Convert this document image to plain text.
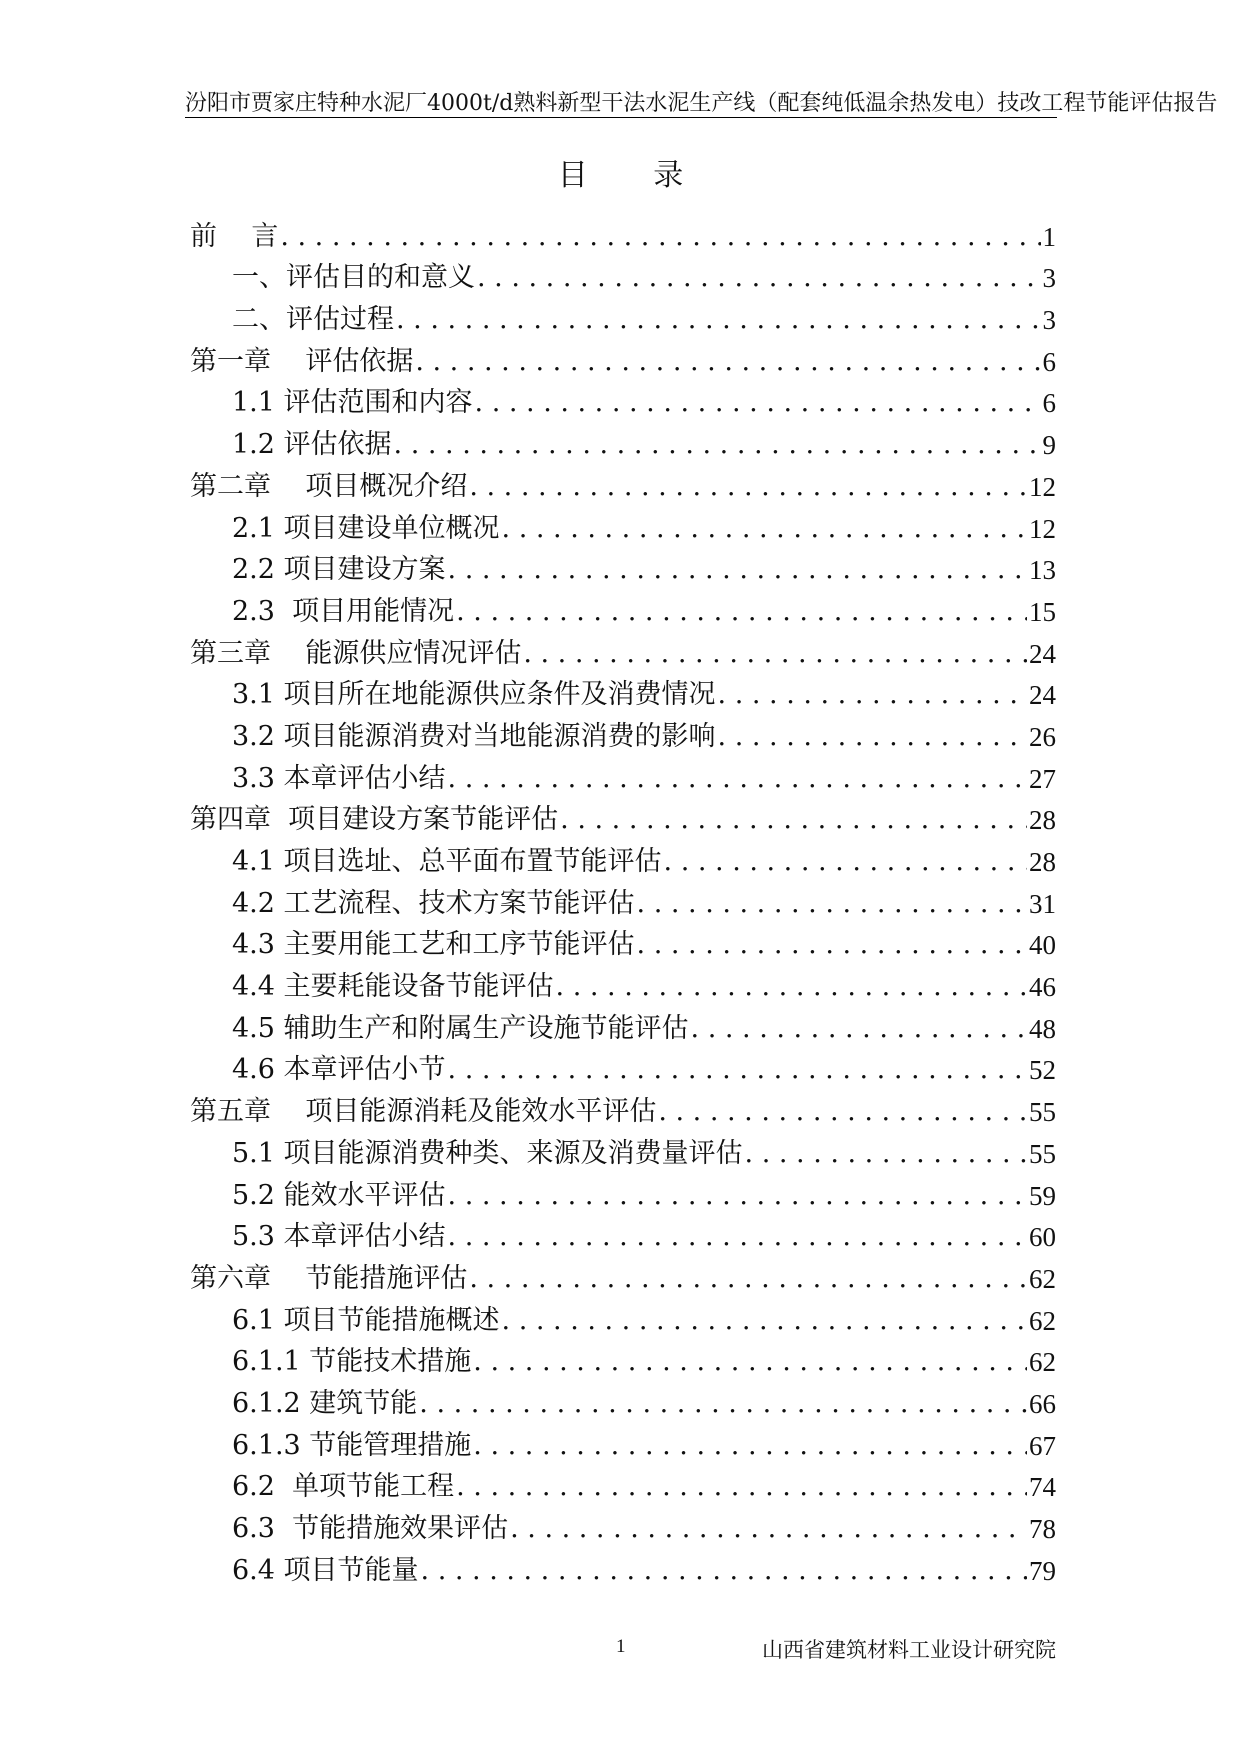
汾阳市贾家庄特种水泥厂4000t/d熟料新型干法水泥生产线（配套纯低温余热发电）技改工程节能评估报告
目 录
前    言 . . .	1
一、评估目的和意义 . . .	3
二、评估过程 . . .	3
第一章    评估依据 . . .	6
1.1 评估范围和内容 . . .	6
1.2 评估依据 . . .	9
第二章    项目概况介绍 . . .	12
2.1 项目建设单位概况 . . .	12
2.2 项目建设方案 . . .	13
2.3  项目用能情况 . . .	15
第三章    能源供应情况评估 . . .	24
3.1 项目所在地能源供应条件及消费情况 . . .	24
3.2 项目能源消费对当地能源消费的影响 . . .	26
3.3 本章评估小结 . . .	27
第四章  项目建设方案节能评估 . . .	28
4.1 项目选址、总平面布置节能评估 . . .	28
4.2 工艺流程、技术方案节能评估 . . .	31
4.3 主要用能工艺和工序节能评估 . . .	40
4.4 主要耗能设备节能评估 . . .	46
4.5 辅助生产和附属生产设施节能评估 . . .	48
4.6 本章评估小节 . . .	52
第五章    项目能源消耗及能效水平评估 . . .	55
5.1 项目能源消费种类、来源及消费量评估 . . .	55
5.2 能效水平评估 . . .	59
5.3 本章评估小结 . . .	60
第六章    节能措施评估 . . .	62
6.1 项目节能措施概述 . . .	62
6.1.1 节能技术措施 . . .	62
6.1.2 建筑节能 . . .	66
6.1.3 节能管理措施 . . .	67
6.2  单项节能工程 . . .	74
6.3  节能措施效果评估 . . .	78
6.4 项目节能量 . . .	79
1	山西省建筑材料工业设计研究院
